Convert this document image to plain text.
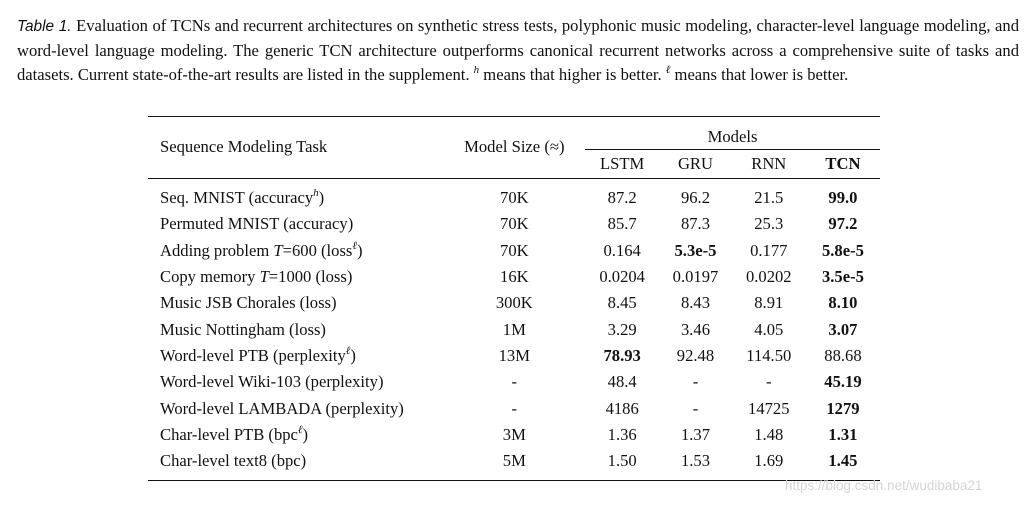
Table 1. Evaluation of TCNs and recurrent architectures on synthetic stress tests, polyphonic music modeling, character-level language modeling, and word-level language modeling. The generic TCN architecture outperforms canonical recurrent networks across a comprehensive suite of tasks and datasets. Current state-of-the-art results are listed in the supplement. $^h$ means that higher is better. $^\ell$ means that lower is better.

Sequence Modeling Task	Model Size (≈)	Models			
		LSTM	GRU	RNN	TCN
Seq. MNIST (accuracy$^h$)	70K	87.2	96.2	21.5	99.0
Permuted MNIST (accuracy)	70K	85.7	87.3	25.3	97.2
Adding problem T=600 (loss$^\ell$)	70K	0.164	5.3e-5	0.177	5.8e-5
Copy memory T=1000 (loss)	16K	0.0204	0.0197	0.0202	3.5e-5
Music JSB Chorales (loss)	300K	8.45	8.43	8.91	8.10
Music Nottingham (loss)	1M	3.29	3.46	4.05	3.07
Word-level PTB (perplexity$^\ell$)	13M	78.93	92.48	114.50	88.68
Word-level Wiki-103 (perplexity)	-	48.4	-	-	45.19
Word-level LAMBADA (perplexity)	-	4186	-	14725	1279
Char-level PTB (bpc$^\ell$)	3M	1.36	1.37	1.48	1.31
Char-level text8 (bpc)	5M	1.50	1.53	1.69	1.45
https://blog.csdn.net/wudibaba21
